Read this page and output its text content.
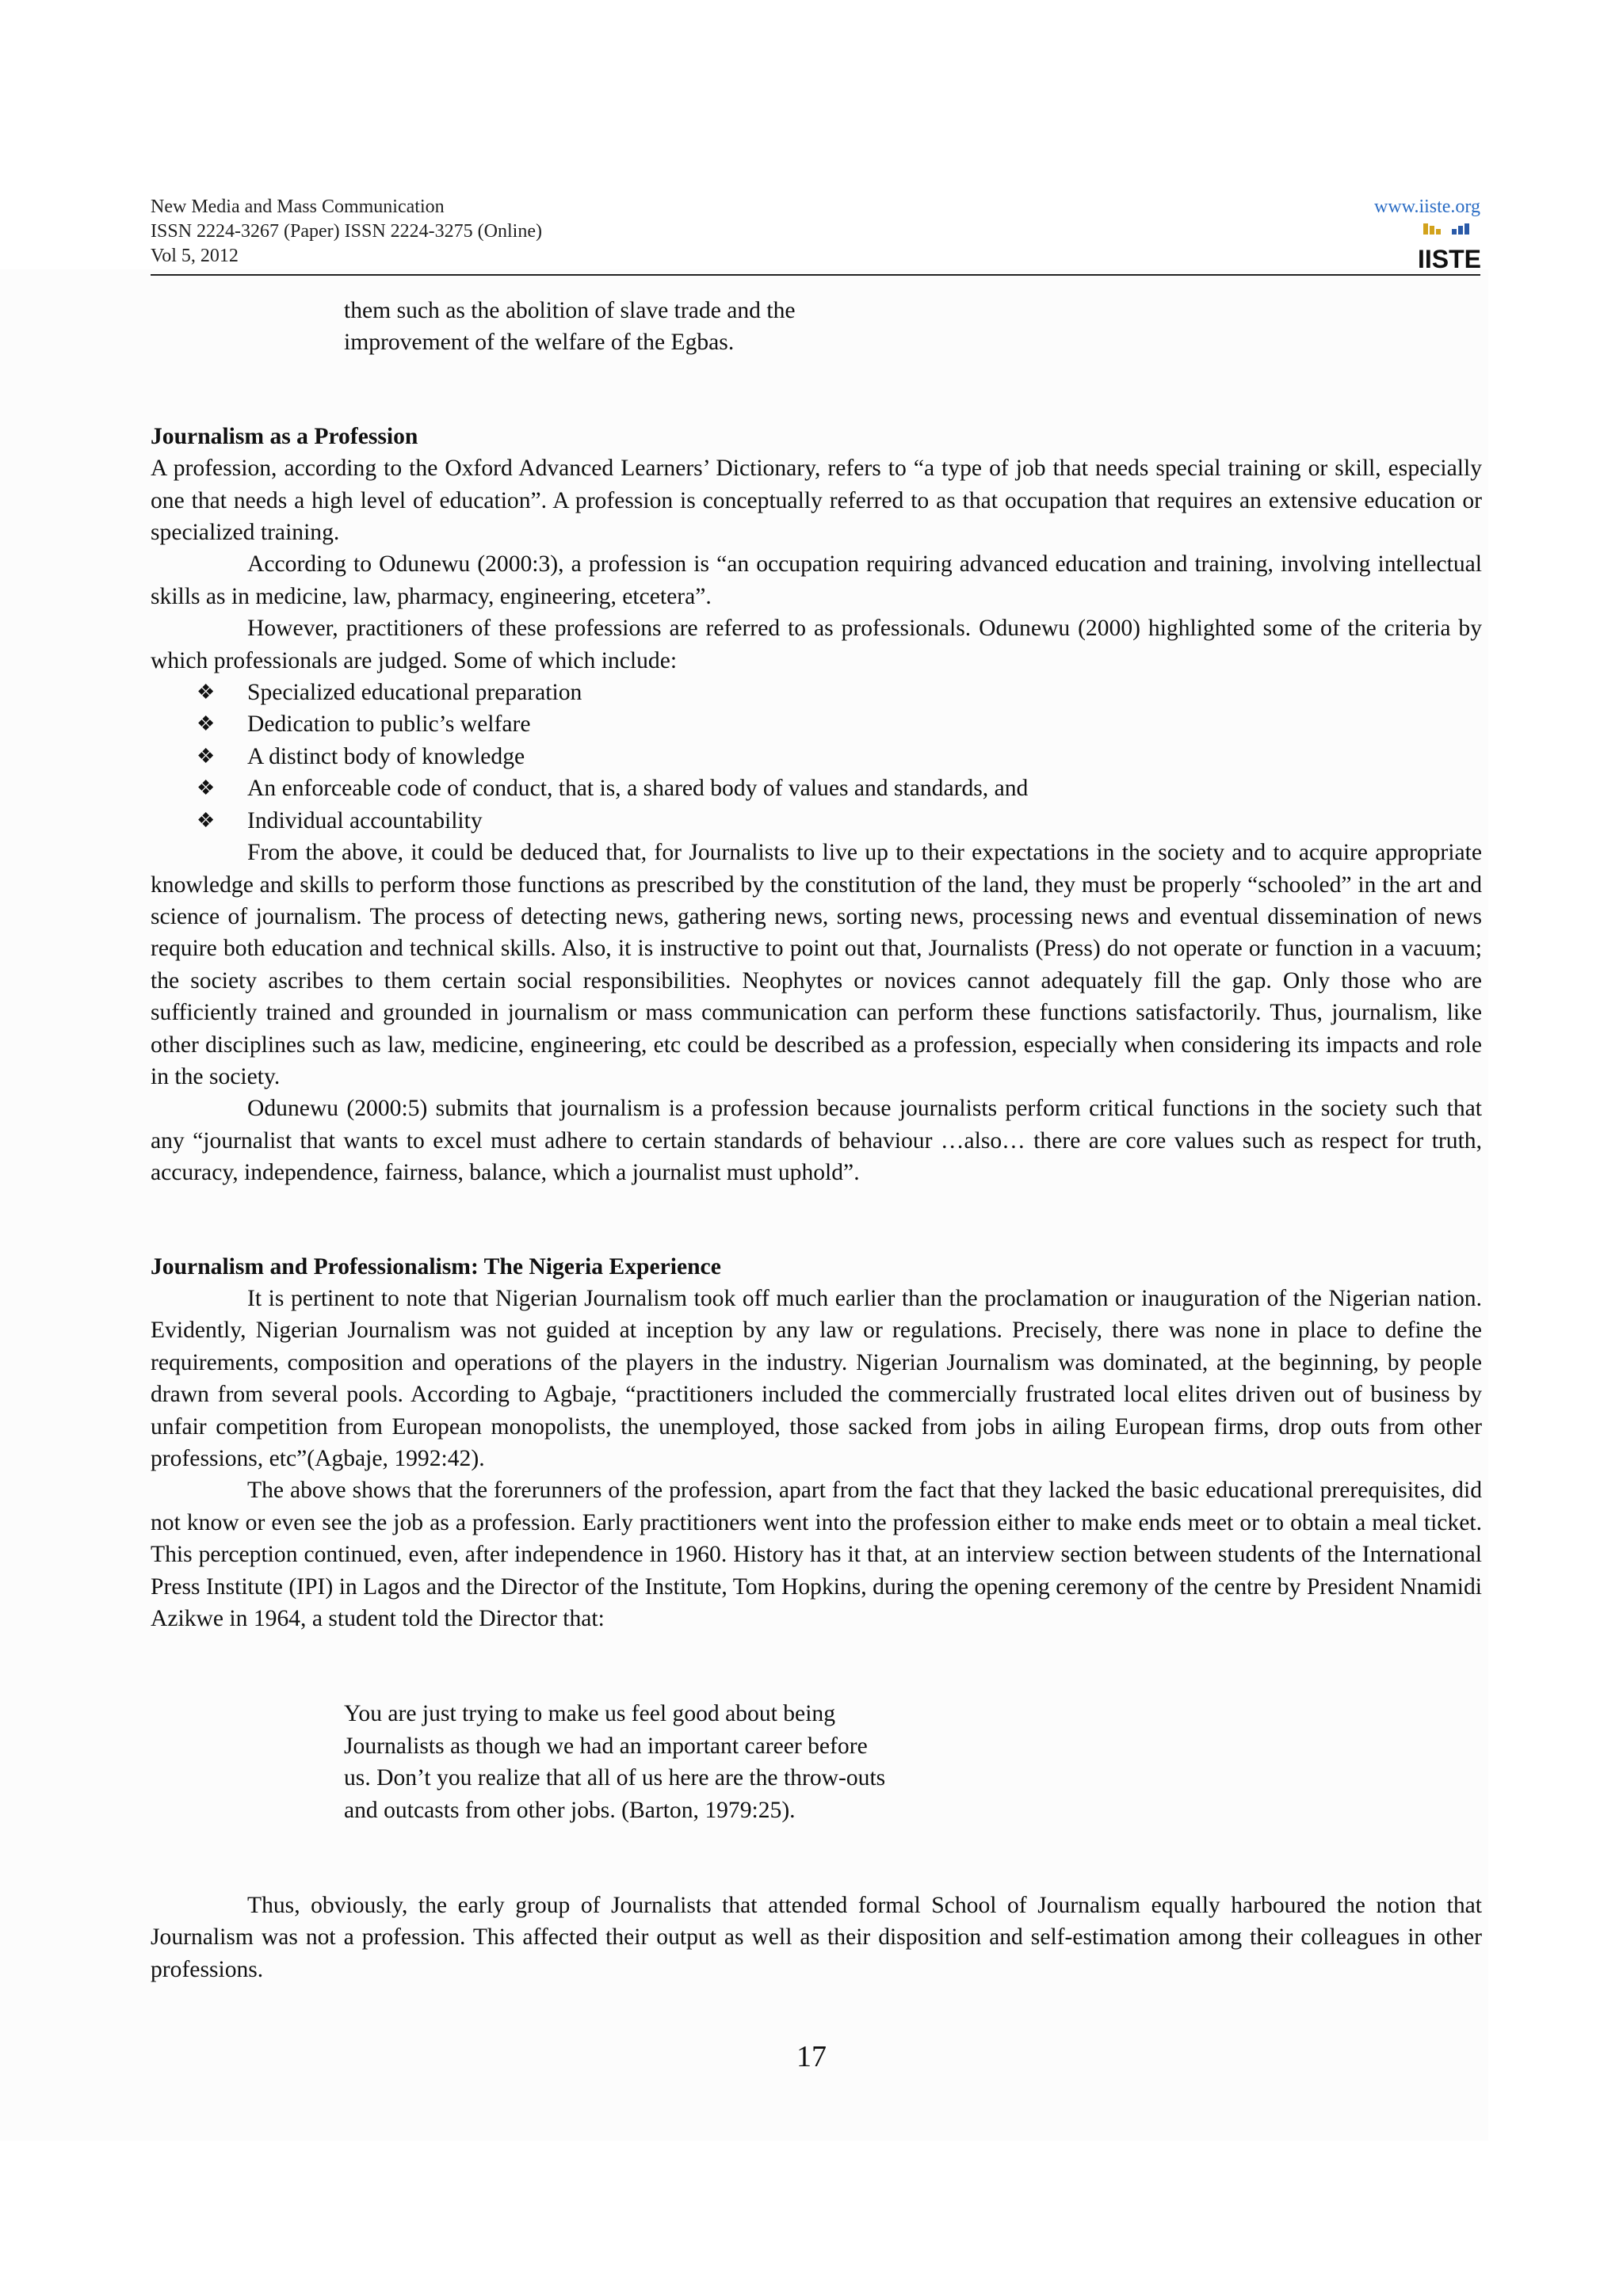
New Media and Mass Communication
ISSN 2224-3267 (Paper) ISSN 2224-3275 (Online)
Vol 5, 2012
www.iiste.org
IISTE
them such as the abolition of slave trade and the
improvement of the welfare of the Egbas.

Journalism as a Profession

A profession, according to the Oxford Advanced Learners’ Dictionary, refers to “a type of job that needs special training or skill, especially one that needs a high level of education”. A profession is conceptually referred to as that occupation that requires an extensive education or specialized training.

According to Odunewu (2000:3), a profession is “an occupation requiring advanced education and training, involving intellectual skills as in medicine, law, pharmacy, engineering, etcetera”.

However, practitioners of these professions are referred to as professionals. Odunewu (2000) highlighted some of the criteria by which professionals are judged. Some of which include:

❖ Specialized educational preparation
❖ Dedication to public’s welfare
❖ A distinct body of knowledge
❖ An enforceable code of conduct, that is, a shared body of values and standards, and
❖ Individual accountability

From the above, it could be deduced that, for Journalists to live up to their expectations in the society and to acquire appropriate knowledge and skills to perform those functions as prescribed by the constitution of the land, they must be properly “schooled” in the art and science of journalism. The process of detecting news, gathering news, sorting news, processing news and eventual dissemination of news require both education and technical skills. Also, it is instructive to point out that, Journalists (Press) do not operate or function in a vacuum; the society ascribes to them certain social responsibilities. Neophytes or novices cannot adequately fill the gap. Only those who are sufficiently trained and grounded in journalism or mass communication can perform these functions satisfactorily. Thus, journalism, like other disciplines such as law, medicine, engineering, etc could be described as a profession, especially when considering its impacts and role in the society.

Odunewu (2000:5) submits that journalism is a profession because journalists perform critical functions in the society such that any “journalist that wants to excel must adhere to certain standards of behaviour …also… there are core values such as respect for truth, accuracy, independence, fairness, balance, which a journalist must uphold”.

Journalism and Professionalism: The Nigeria Experience

It is pertinent to note that Nigerian Journalism took off much earlier than the proclamation or inauguration of the Nigerian nation. Evidently, Nigerian Journalism was not guided at inception by any law or regulations. Precisely, there was none in place to define the requirements, composition and operations of the players in the industry. Nigerian Journalism was dominated, at the beginning, by people drawn from several pools. According to Agbaje, “practitioners included the commercially frustrated local elites driven out of business by unfair competition from European monopolists, the unemployed, those sacked from jobs in ailing European firms, drop outs from other professions, etc”(Agbaje, 1992:42).

The above shows that the forerunners of the profession, apart from the fact that they lacked the basic educational prerequisites, did not know or even see the job as a profession. Early practitioners went into the profession either to make ends meet or to obtain a meal ticket. This perception continued, even, after independence in 1960. History has it that, at an interview section between students of the International Press Institute (IPI) in Lagos and the Director of the Institute, Tom Hopkins, during the opening ceremony of the centre by President Nnamidi Azikwe in 1964, a student told the Director that:

You are just trying to make us feel good about being
Journalists as though we had an important career before
us. Don’t you realize that all of us here are the throw-outs
and outcasts from other jobs. (Barton, 1979:25).

Thus, obviously, the early group of Journalists that attended formal School of Journalism equally harboured the notion that Journalism was not a profession. This affected their output as well as their disposition and self-estimation among their colleagues in other professions.

17
